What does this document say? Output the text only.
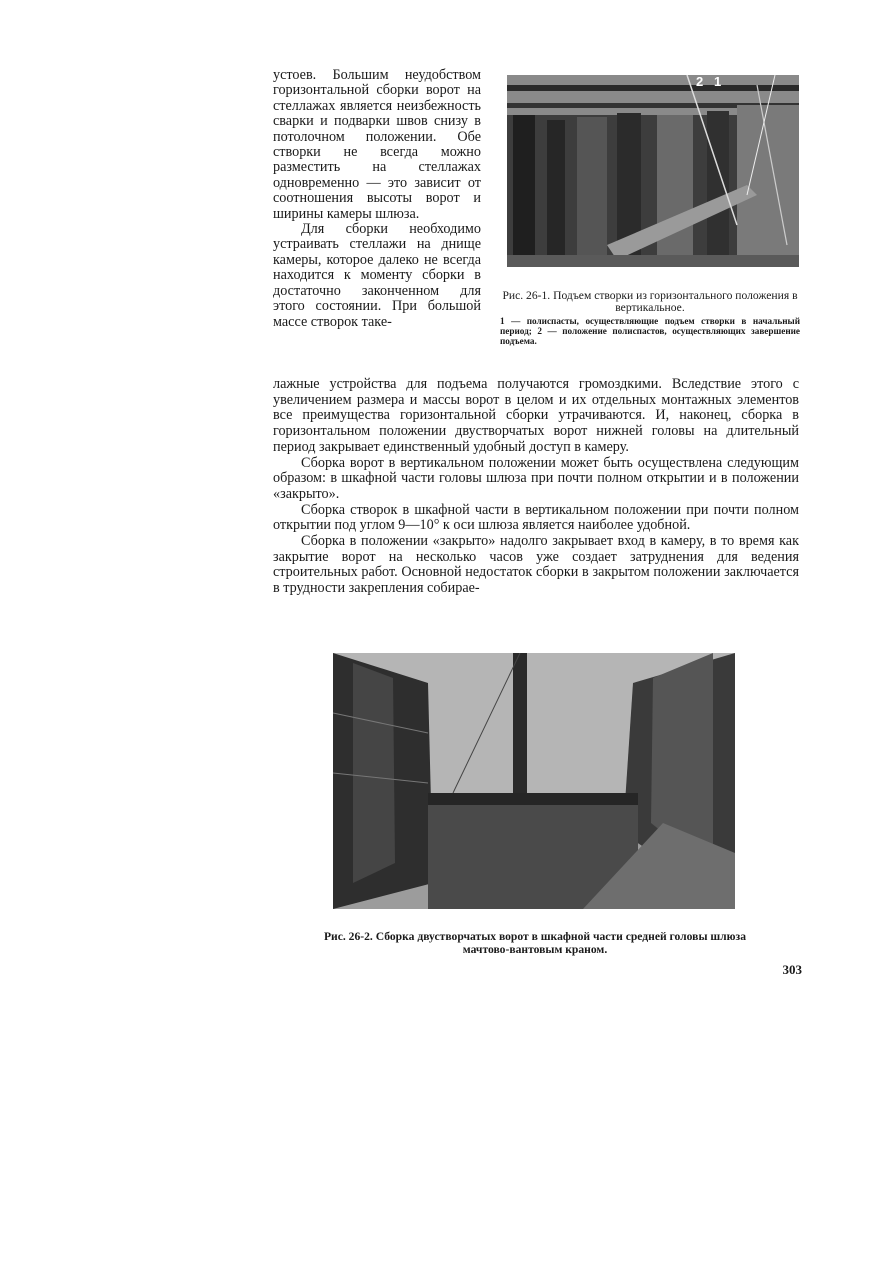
устоев. Большим неудобством горизонтальной сборки ворот на стеллажах является неизбежность сварки и подварки швов снизу в потолочном положении. Обе створки не всегда можно разместить на стеллажах одновременно — это зависит от соотношения высоты ворот и ширины камеры шлюза.

Для сборки необходимо устраивать стеллажи на днище камеры, которое далеко не всегда находится к моменту сборки в достаточно законченном для этого состоянии. При большой массе створок таке-

2 1
Рис. 26-1. Подъем створки из горизонтального положения в вертикальное.
1 — полиспасты, осуществляющие подъем створки в начальный период; 2 — положение полиспастов, осуществляющих завершение подъема.

лажные устройства для подъема получаются громоздкими. Вследствие этого с увеличением размера и массы ворот в целом и их отдельных монтажных элементов все преимущества горизонтальной сборки утрачиваются. И, наконец, сборка в горизонтальном положении двустворчатых ворот нижней головы на длительный период закрывает единственный удобный доступ в камеру.

Сборка ворот в вертикальном положении может быть осуществлена следующим образом: в шкафной части головы шлюза при почти полном открытии и в положении «закрыто».

Сборка створок в шкафной части в вертикальном положении при почти полном открытии под углом 9—10° к оси шлюза является наиболее удобной.

Сборка в положении «закрыто» надолго закрывает вход в камеру, в то время как закрытие ворот на несколько часов уже создает затруднения для ведения строительных работ. Основной недостаток сборки в закрытом положении заключается в трудности закрепления собирае-

Рис. 26-2. Сборка двустворчатых ворот в шкафной части средней головы шлюза мачтово-вантовым краном.
303
